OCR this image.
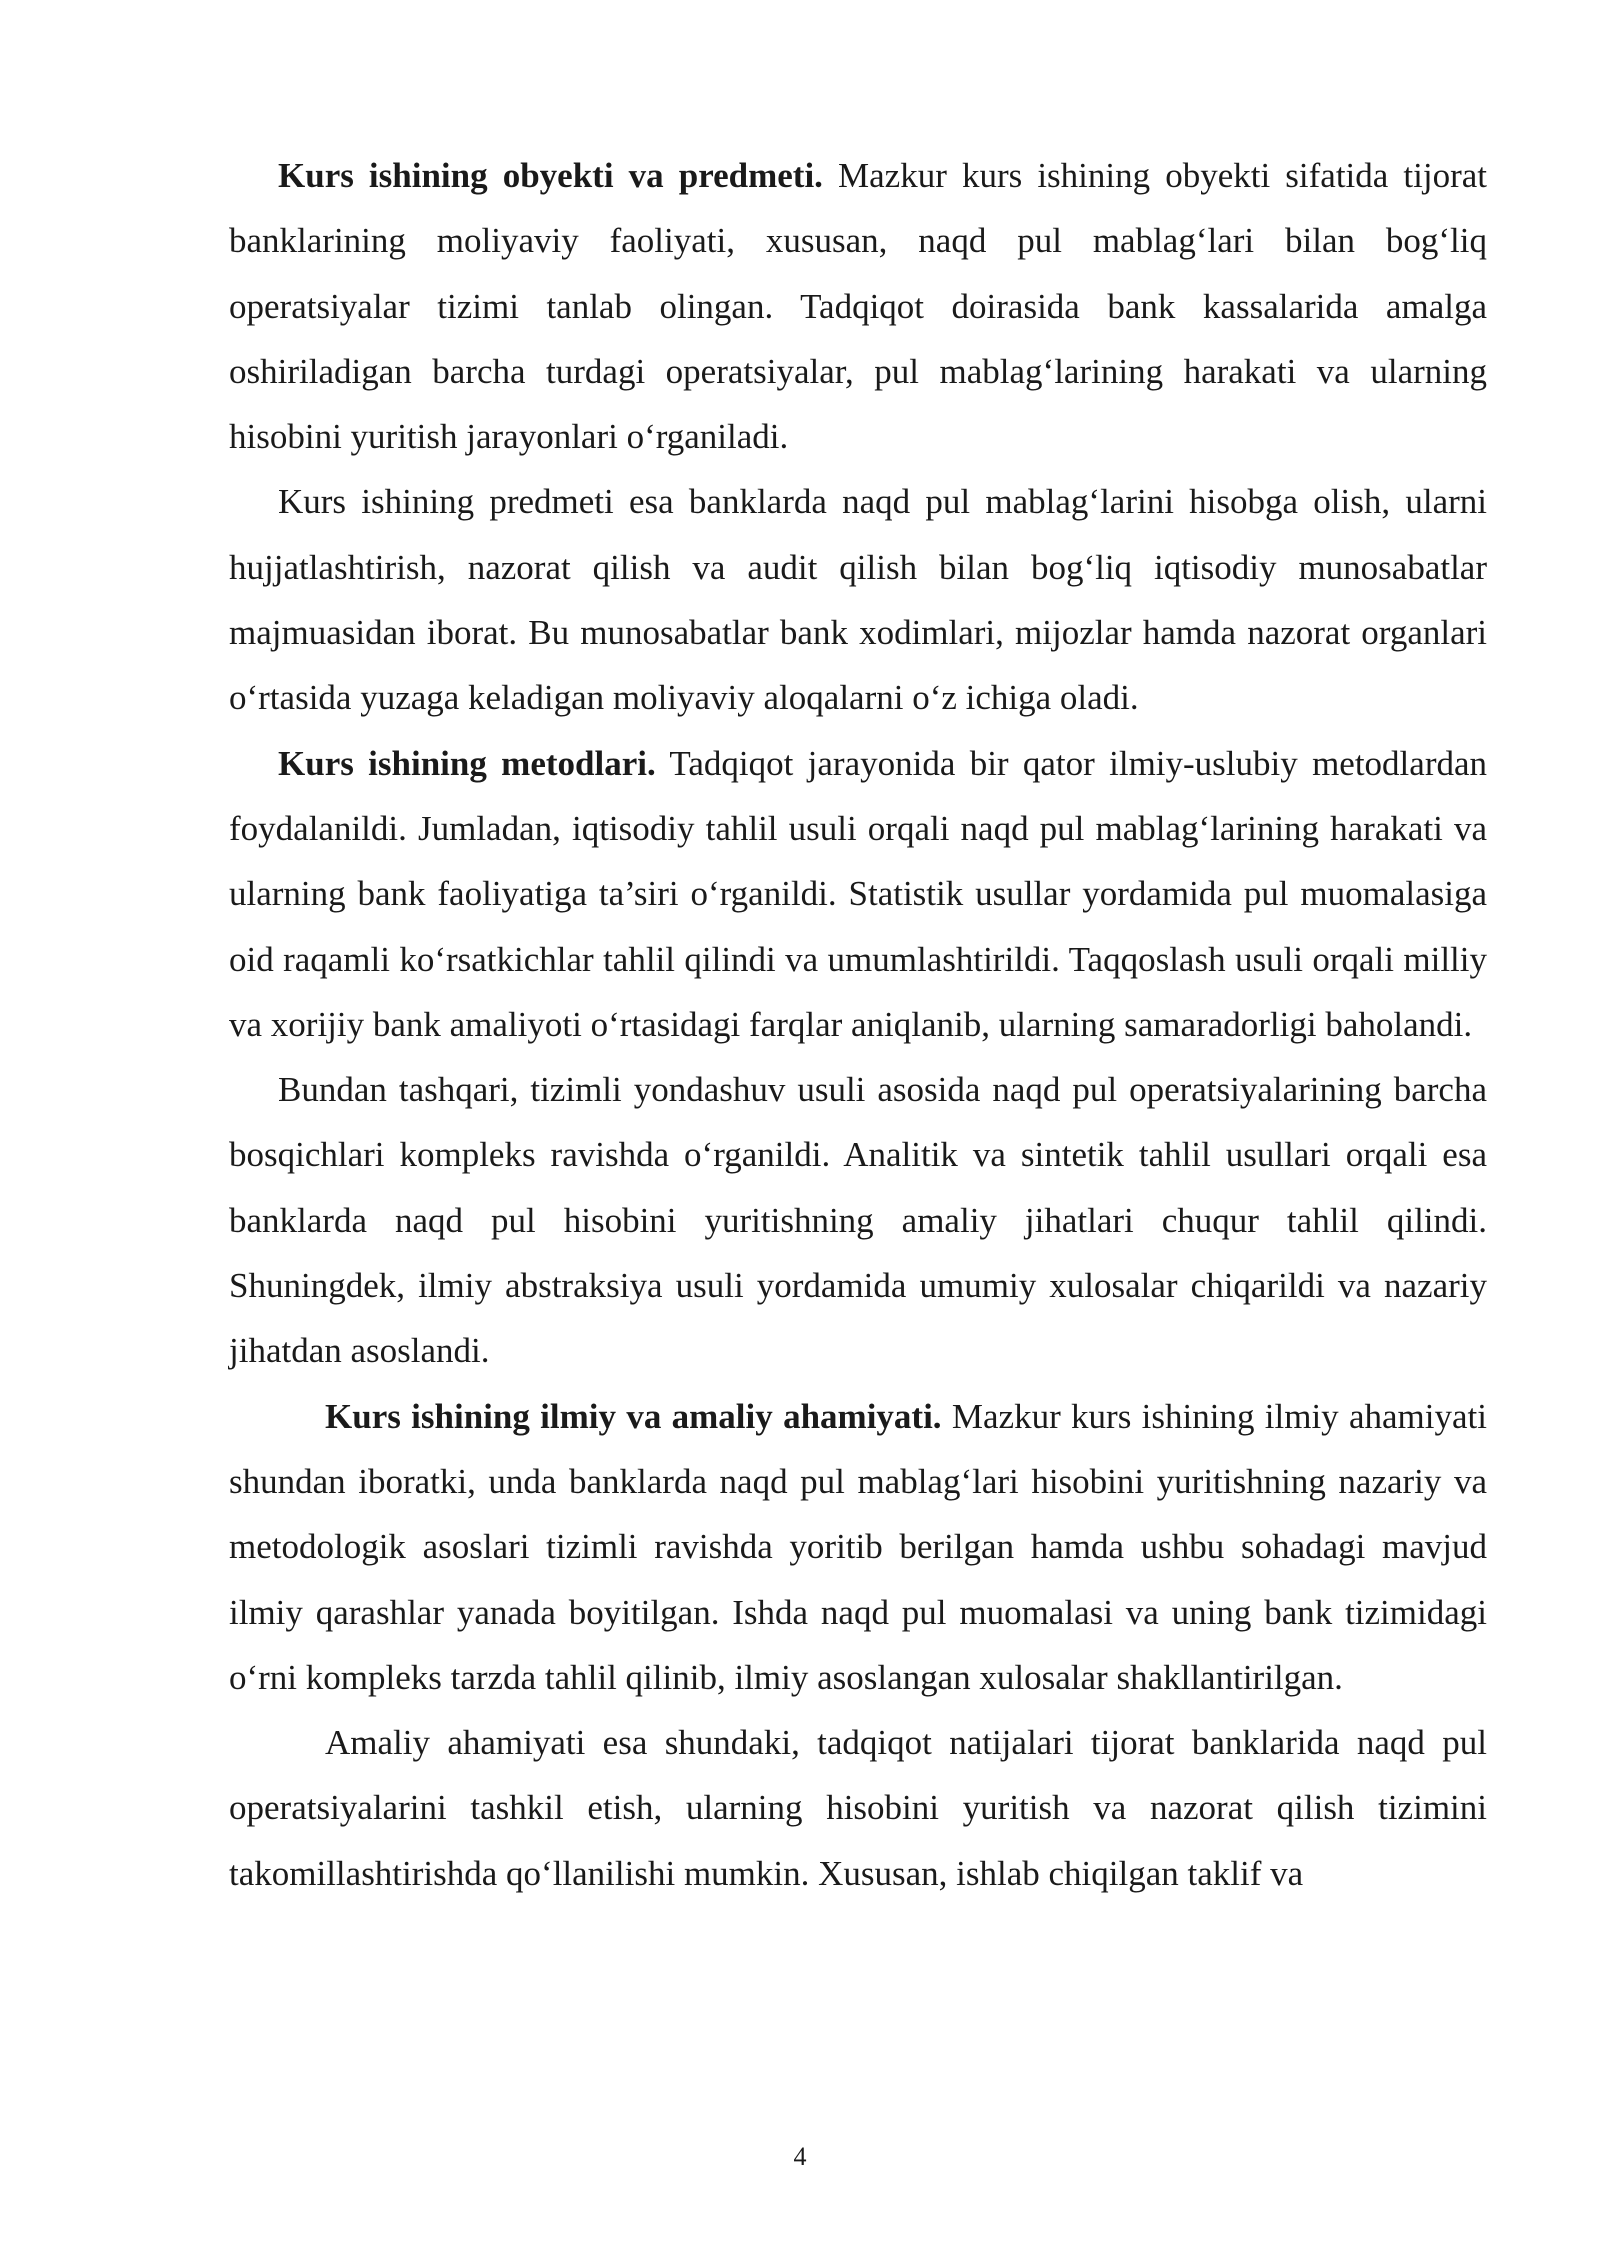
Kurs ishining obyekti va predmeti. Mazkur kurs ishining obyekti sifatida tijorat banklarining moliyaviy faoliyati, xususan, naqd pul mablag‘lari bilan bog‘liq operatsiyalar tizimi tanlab olingan. Tadqiqot doirasida bank kassalarida amalga oshiriladigan barcha turdagi operatsiyalar, pul mablag‘larining harakati va ularning hisobini yuritish jarayonlari o‘rganiladi.

Kurs ishining predmeti esa banklarda naqd pul mablag‘larini hisobga olish, ularni hujjatlashtirish, nazorat qilish va audit qilish bilan bog‘liq iqtisodiy munosabatlar majmuasidan iborat. Bu munosabatlar bank xodimlari, mijozlar hamda nazorat organlari o‘rtasida yuzaga keladigan moliyaviy aloqalarni o‘z ichiga oladi.

Kurs ishining metodlari. Tadqiqot jarayonida bir qator ilmiy-uslubiy metodlardan foydalanildi. Jumladan, iqtisodiy tahlil usuli orqali naqd pul mablag‘larining harakati va ularning bank faoliyatiga ta’siri o‘rganildi. Statistik usullar yordamida pul muomalasiga oid raqamli ko‘rsatkichlar tahlil qilindi va umumlashtirildi. Taqqoslash usuli orqali milliy va xorijiy bank amaliyoti o‘rtasidagi farqlar aniqlanib, ularning samaradorligi baholandi.

Bundan tashqari, tizimli yondashuv usuli asosida naqd pul operatsiyalarining barcha bosqichlari kompleks ravishda o‘rganildi. Analitik va sintetik tahlil usullari orqali esa banklarda naqd pul hisobini yuritishning amaliy jihatlari chuqur tahlil qilindi. Shuningdek, ilmiy abstraksiya usuli yordamida umumiy xulosalar chiqarildi va nazariy jihatdan asoslandi.

Kurs ishining ilmiy va amaliy ahamiyati. Mazkur kurs ishining ilmiy ahamiyati shundan iboratki, unda banklarda naqd pul mablag‘lari hisobini yuritishning nazariy va metodologik asoslari tizimli ravishda yoritib berilgan hamda ushbu sohadagi mavjud ilmiy qarashlar yanada boyitilgan. Ishda naqd pul muomalasi va uning bank tizimidagi o‘rni kompleks tarzda tahlil qilinib, ilmiy asoslangan xulosalar shakllantirilgan.

Amaliy ahamiyati esa shundaki, tadqiqot natijalari tijorat banklarida naqd pul operatsiyalarini tashkil etish, ularning hisobini yuritish va nazorat qilish tizimini takomillashtirishda qo‘llanilishi mumkin. Xususan, ishlab chiqilgan taklif va

4
